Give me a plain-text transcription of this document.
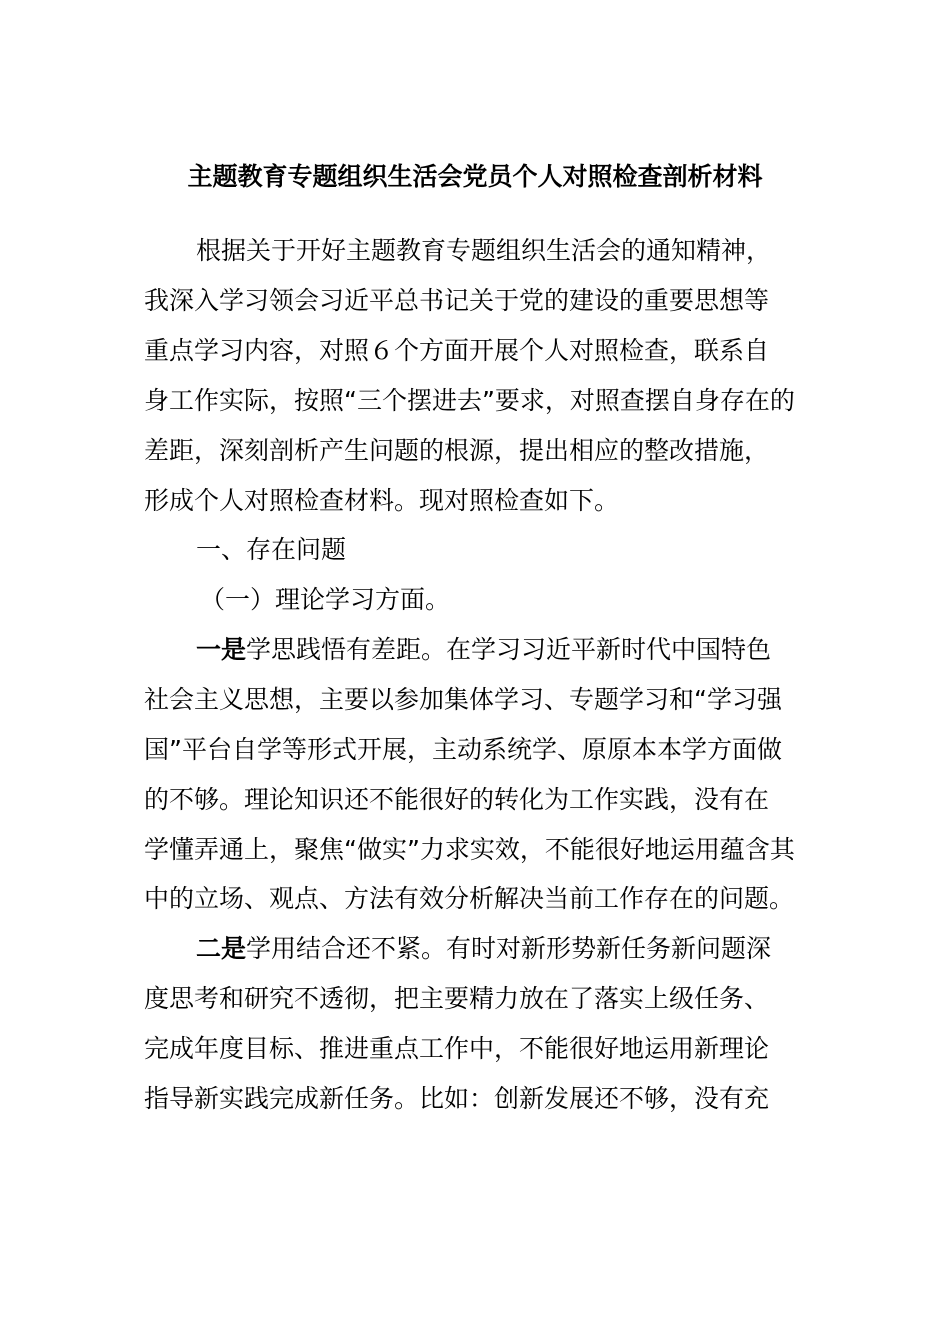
主题教育专题组织生活会党员个人对照检查剖析材料
根据关于开好主题教育专题组织生活会的通知精神，
我深入学习领会习近平总书记关于党的建设的重要思想等
重点学习内容，对照６个方面开展个人对照检查，联系自
身工作实际，按照“三个摆进去”要求，对照查摆自身存在的
差距，深刻剖析产生问题的根源，提出相应的整改措施，
形成个人对照检查材料。现对照检查如下。
一、存在问题
（一）理论学习方面。
一是学思践悟有差距。在学习习近平新时代中国特色
社会主义思想，主要以参加集体学习、专题学习和“学习强
国”平台自学等形式开展，主动系统学、原原本本学方面做
的不够。理论知识还不能很好的转化为工作实践，没有在
学懂弄通上，聚焦“做实”力求实效，不能很好地运用蕴含其
中的立场、观点、方法有效分析解决当前工作存在的问题。
二是学用结合还不紧。有时对新形势新任务新问题深
度思考和研究不透彻，把主要精力放在了落实上级任务、
完成年度目标、推进重点工作中，不能很好地运用新理论
指导新实践完成新任务。比如：创新发展还不够，没有充
